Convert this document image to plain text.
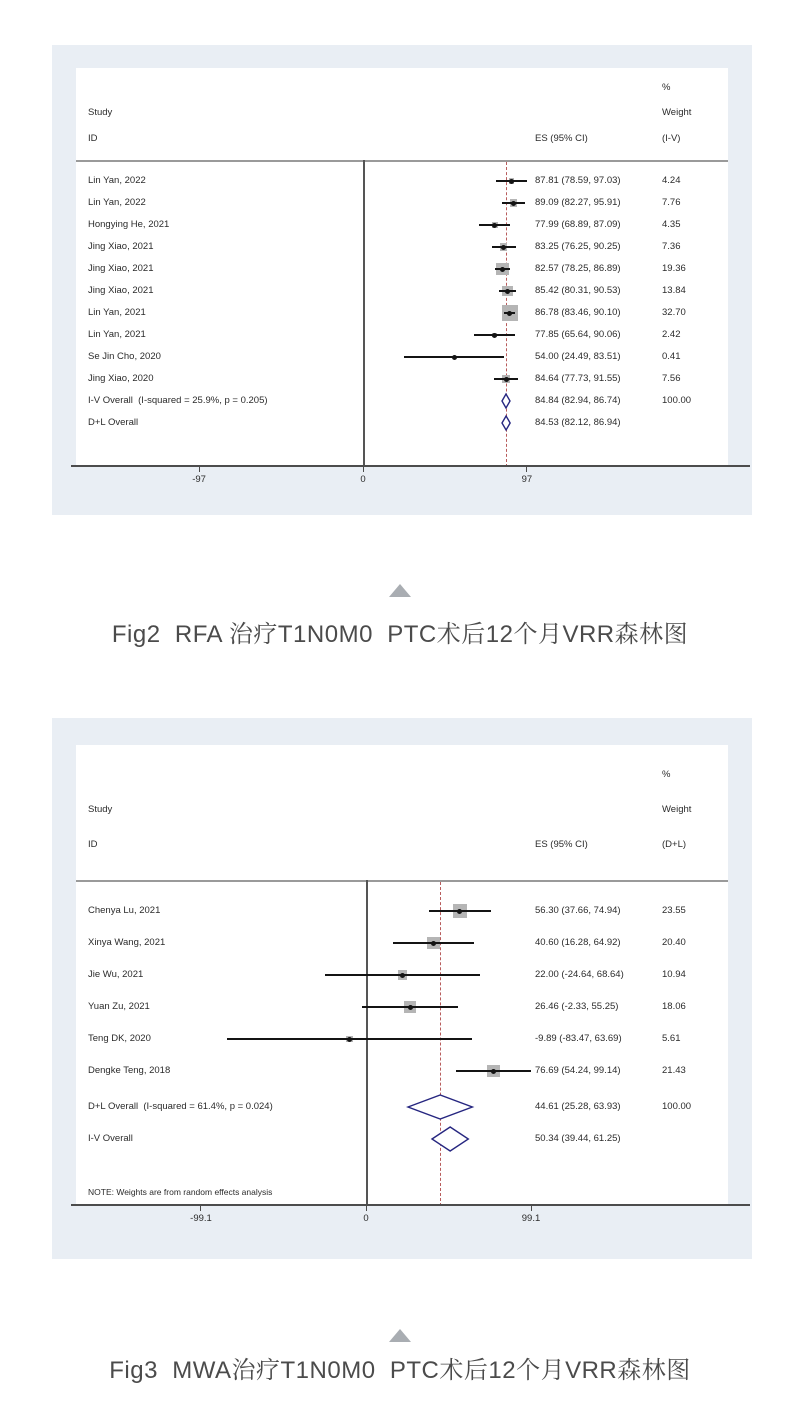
Study
ID	ES (95% CI)
%
Weight
(I-V)
Lin Yan, 2022	87.81 (78.59, 97.03)	4.24
Lin Yan, 2022	89.09 (82.27, 95.91)	7.76
Hongying He, 2021	77.99 (68.89, 87.09)	4.35
Jing Xiao, 2021	83.25 (76.25, 90.25)	7.36
Jing Xiao, 2021	82.57 (78.25, 86.89)	19.36
Jing Xiao, 2021	85.42 (80.31, 90.53)	13.84
Lin Yan, 2021	86.78 (83.46, 90.10)	32.70
Lin Yan, 2021	77.85 (65.64, 90.06)	2.42
Se Jin Cho, 2020	54.00 (24.49, 83.51)	0.41
Jing Xiao, 2020	84.64 (77.73, 91.55)	7.56
I-V Overall  (I-squared = 25.9%, p = 0.205)	84.84 (82.94, 86.74)	100.00
D+L Overall	84.53 (82.12, 86.94)
-97	0	97
Fig2  RFA 治疗T1N0M0  PTC术后12个月VRR森林图
Study
ID	ES (95% CI)
%
Weight
(D+L)
Chenya Lu, 2021	56.30 (37.66, 74.94)	23.55
Xinya Wang, 2021	40.60 (16.28, 64.92)	20.40
Jie Wu, 2021	22.00 (-24.64, 68.64)	10.94
Yuan Zu, 2021	26.46 (-2.33, 55.25)	18.06
Teng DK, 2020	-9.89 (-83.47, 63.69)	5.61
Dengke Teng, 2018	76.69 (54.24, 99.14)	21.43
D+L Overall  (I-squared = 61.4%, p = 0.024)	44.61 (25.28, 63.93)	100.00
I-V Overall	50.34 (39.44, 61.25)
NOTE: Weights are from random effects analysis
-99.1	0	99.1
Fig3  MWA治疗T1N0M0  PTC术后12个月VRR森林图
